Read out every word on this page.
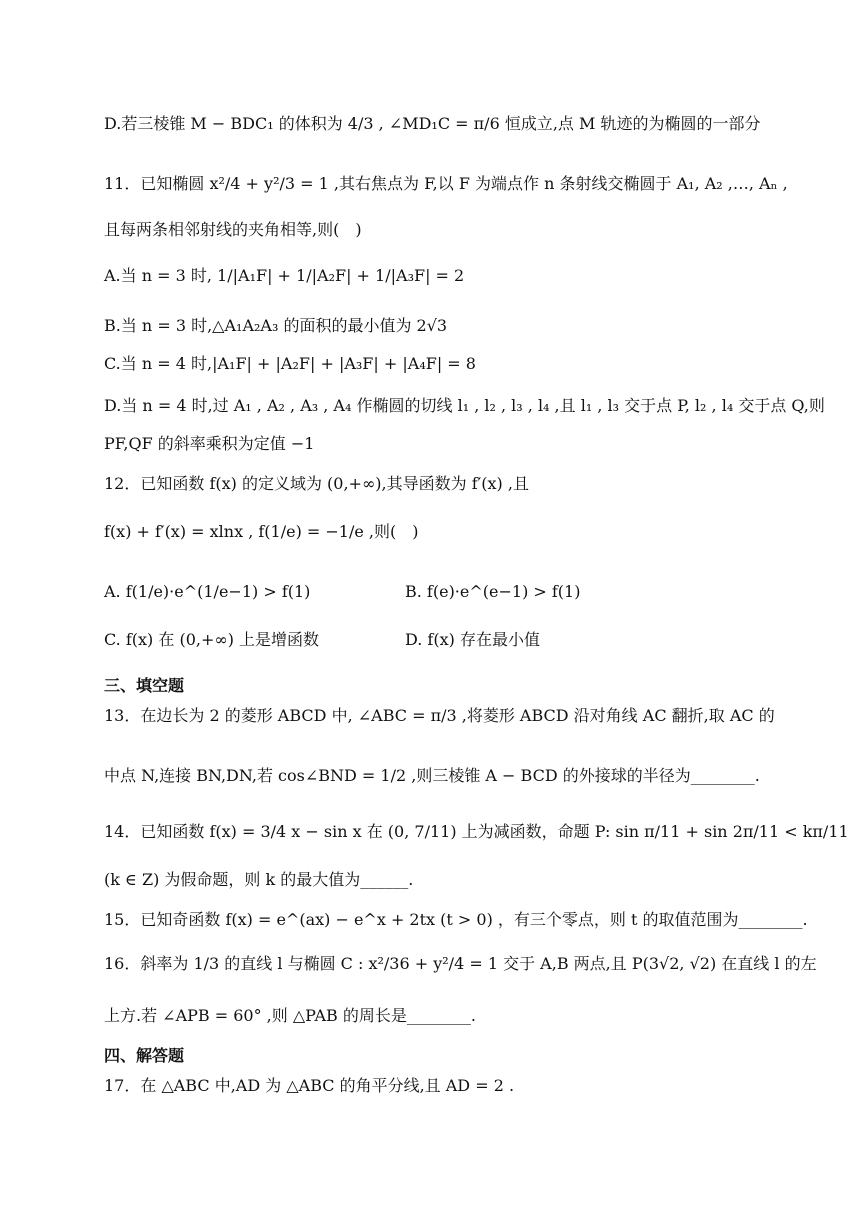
D.若三棱锥 M − BDC₁ 的体积为 4/3 , ∠MD₁C = π/6 恒成立,点 M 轨迹的为椭圆的一部分
11．已知椭圆 x²/4 + y²/3 = 1 ,其右焦点为 F,以 F 为端点作 n 条射线交椭圆于 A₁, A₂ ,…, Aₙ ,
且每两条相邻射线的夹角相等,则(　)
A.当 n = 3 时, 1/|A₁F| + 1/|A₂F| + 1/|A₃F| = 2
B.当 n = 3 时,△A₁A₂A₃ 的面积的最小值为 2√3
C.当 n = 4 时,|A₁F| + |A₂F| + |A₃F| + |A₄F| = 8
D.当 n = 4 时,过 A₁ , A₂ , A₃ , A₄ 作椭圆的切线 l₁ , l₂ , l₃ , l₄ ,且 l₁ , l₃ 交于点 P, l₂ , l₄ 交于点 Q,则
PF,QF 的斜率乘积为定值 −1
12．已知函数 f(x) 的定义域为 (0,+∞),其导函数为 f′(x) ,且
f(x) + f′(x) = xlnx , f(1/e) = −1/e ,则(　)
A. f(1/e)·e^(1/e−1) > f(1)	B. f(e)·e^(e−1) > f(1)
C. f(x) 在 (0,+∞) 上是增函数	D. f(x) 存在最小值
三、填空题
13．在边长为 2 的菱形 ABCD 中, ∠ABC = π/3 ,将菱形 ABCD 沿对角线 AC 翻折,取 AC 的
中点 N,连接 BN,DN,若 cos∠BND = 1/2 ,则三棱锥 A − BCD 的外接球的半径为________.
14．已知函数 f(x) = 3/4 x − sin x 在 (0, 7/11) 上为减函数，命题 P: sin π/11 + sin 2π/11 < kπ/11
(k ∈ Z) 为假命题，则 k 的最大值为______.
15．已知奇函数 f(x) = e^(ax) − e^x + 2tx (t > 0) ，有三个零点，则 t 的取值范围为________.
16．斜率为 1/3 的直线 l 与椭圆 C : x²/36 + y²/4 = 1 交于 A,B 两点,且 P(3√2, √2) 在直线 l 的左
上方.若 ∠APB = 60° ,则 △PAB 的周长是________.
四、解答题
17．在 △ABC 中,AD 为 △ABC 的角平分线,且 AD = 2 .
